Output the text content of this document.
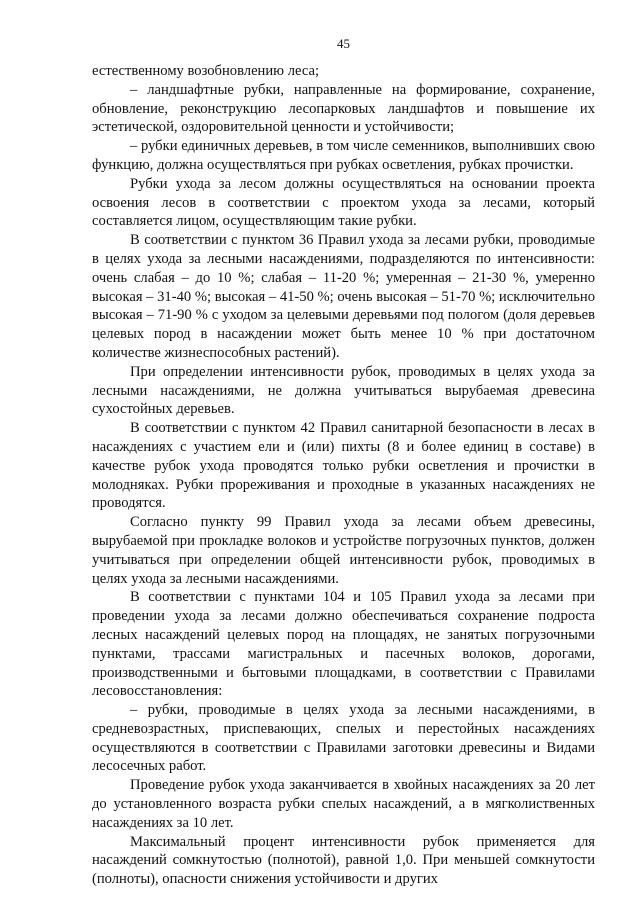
45

естественному возобновлению леса;

– ландшафтные рубки, направленные на формирование, сохранение, обновление, реконструкцию лесопарковых ландшафтов и повышение их эстетической, оздоровительной ценности и устойчивости;

– рубки единичных деревьев, в том числе семенников, выполнивших свою функцию, должна осуществляться при рубках осветления, рубках прочистки.

Рубки ухода за лесом должны осуществляться на основании проекта освоения лесов в соответствии с проектом ухода за лесами, который составляется лицом, осуществляющим такие рубки.

В соответствии с пунктом 36 Правил ухода за лесами рубки, проводимые в целях ухода за лесными насаждениями, подразделяются по интенсивности: очень слабая – до 10 %; слабая – 11-20 %; умеренная – 21-30 %, умеренно высокая – 31-40 %; высокая – 41-50 %; очень высокая – 51-70 %; исключительно высокая – 71-90 % с уходом за целевыми деревьями под пологом (доля деревьев целевых пород в насаждении может быть менее 10 % при достаточном количестве жизнеспособных растений).

При определении интенсивности рубок, проводимых в целях ухода за лесными насаждениями, не должна учитываться вырубаемая древесина сухостойных деревьев.

В соответствии с пунктом 42 Правил санитарной безопасности в лесах в насаждениях с участием ели и (или) пихты (8 и более единиц в составе) в качестве рубок ухода проводятся только рубки осветления и прочистки в молодняках. Рубки прореживания и проходные в указанных насаждениях не проводятся.

Согласно пункту 99 Правил ухода за лесами объем древесины, вырубаемой при прокладке волоков и устройстве погрузочных пунктов, должен учитываться при определении общей интенсивности рубок, проводимых в целях ухода за лесными насаждениями.

В соответствии с пунктами 104 и 105 Правил ухода за лесами при проведении ухода за лесами должно обеспечиваться сохранение подроста лесных насаждений целевых пород на площадях, не занятых погрузочными пунктами, трассами магистральных и пасечных волоков, дорогами, производственными и бытовыми площадками, в соответствии с Правилами лесовосстановления:

– рубки, проводимые в целях ухода за лесными насаждениями, в средневозрастных, приспевающих, спелых и перестойных насаждениях осуществляются в соответствии с Правилами заготовки древесины и Видами лесосечных работ.

Проведение рубок ухода заканчивается в хвойных насаждениях за 20 лет до установленного возраста рубки спелых насаждений, а в мягколиственных насаждениях за 10 лет.

Максимальный процент интенсивности рубок применяется для насаждений сомкнутостью (полнотой), равной 1,0. При меньшей сомкнутости (полноты), опасности снижения устойчивости и других
